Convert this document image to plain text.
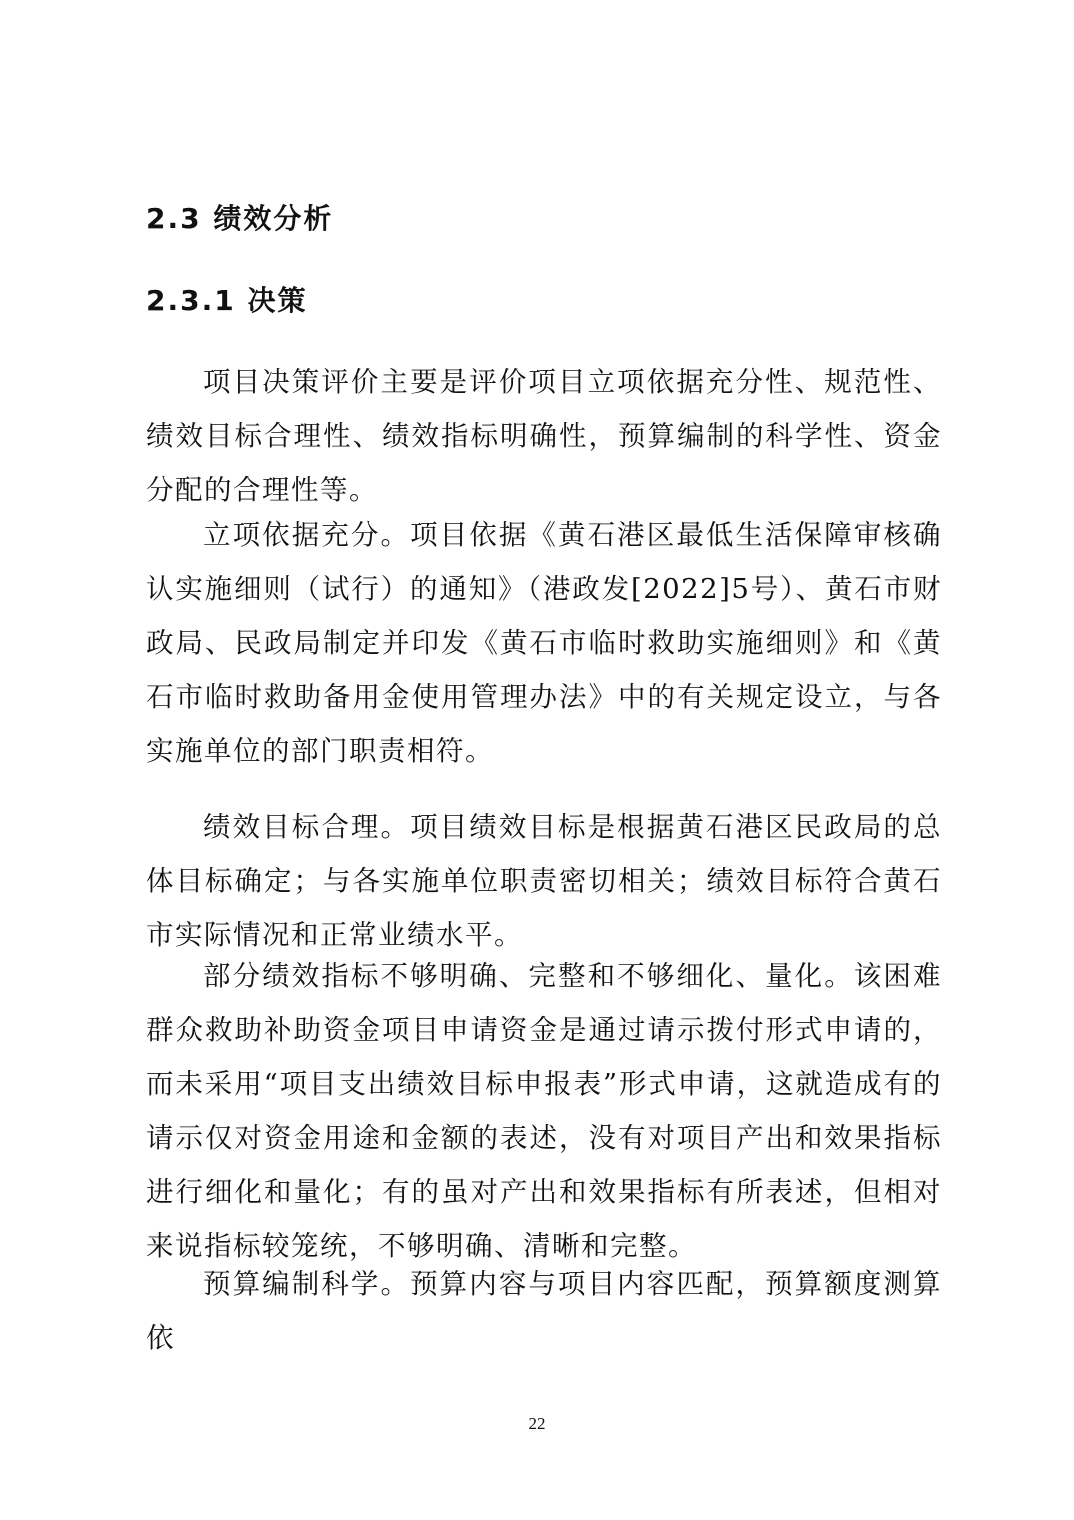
2.3 绩效分析
2.3.1 决策

项目决策评价主要是评价项目立项依据充分性、规范性、绩效目标合理性、绩效指标明确性，预算编制的科学性、资金分配的合理性等。

立项依据充分。项目依据《黄石港区最低生活保障审核确认实施细则（试行）的通知》（港政发[2022]5号）、黄石市财政局、民政局制定并印发《黄石市临时救助实施细则》和《黄石市临时救助备用金使用管理办法》中的有关规定设立，与各实施单位的部门职责相符。

绩效目标合理。项目绩效目标是根据黄石港区民政局的总体目标确定；与各实施单位职责密切相关；绩效目标符合黄石市实际情况和正常业绩水平。

部分绩效指标不够明确、完整和不够细化、量化。该困难群众救助补助资金项目申请资金是通过请示拨付形式申请的，而未采用“项目支出绩效目标申报表”形式申请，这就造成有的请示仅对资金用途和金额的表述，没有对项目产出和效果指标进行细化和量化；有的虽对产出和效果指标有所表述，但相对来说指标较笼统，不够明确、清晰和完整。

预算编制科学。预算内容与项目内容匹配，预算额度测算依

22
